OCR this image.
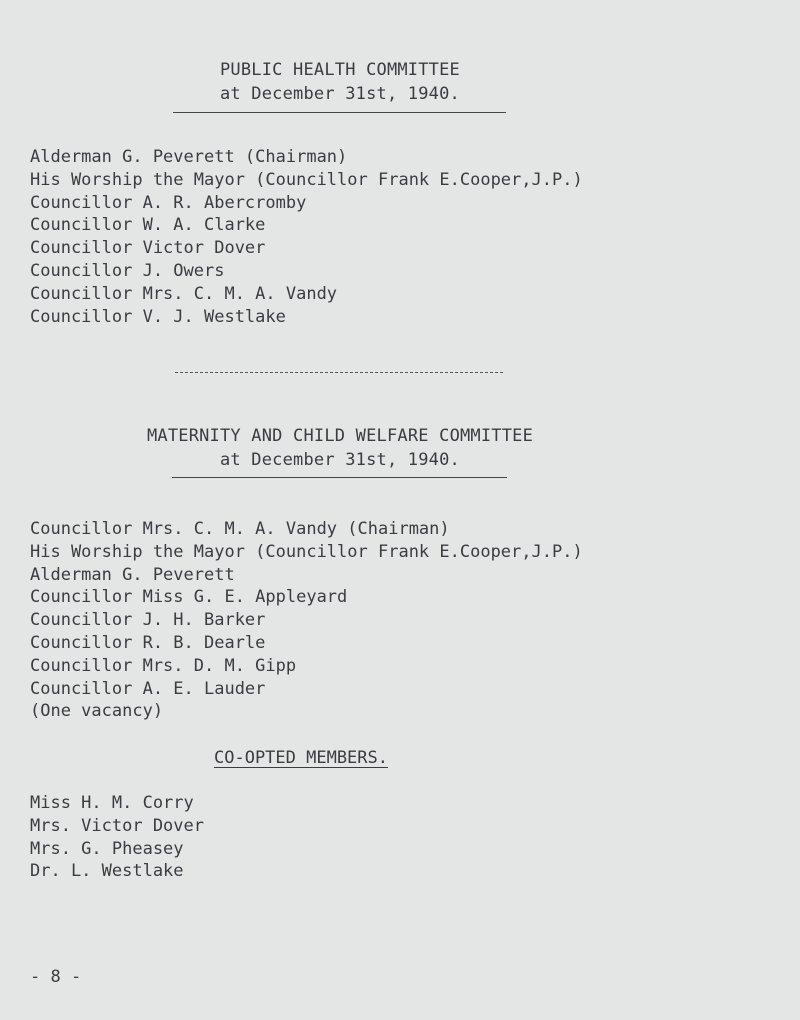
PUBLIC HEALTH COMMITTEE
at December 31st, 1940.
Alderman G. Peverett (Chairman)
His Worship the Mayor (Councillor Frank E.Cooper,J.P.)
Councillor A. R. Abercromby
Councillor W. A. Clarke
Councillor Victor Dover
Councillor J. Owers
Councillor Mrs. C. M. A. Vandy
Councillor V. J. Westlake
MATERNITY AND CHILD WELFARE COMMITTEE
at December 31st, 1940.
Councillor Mrs. C. M. A. Vandy (Chairman)
His Worship the Mayor (Councillor Frank E.Cooper,J.P.)
Alderman G. Peverett
Councillor Miss G. E. Appleyard
Councillor J. H. Barker
Councillor R. B. Dearle
Councillor Mrs. D. M. Gipp
Councillor A. E. Lauder
(One vacancy)
CO-OPTED MEMBERS.
Miss H. M. Corry
Mrs. Victor Dover
Mrs. G. Pheasey
Dr. L. Westlake
- 8 -
